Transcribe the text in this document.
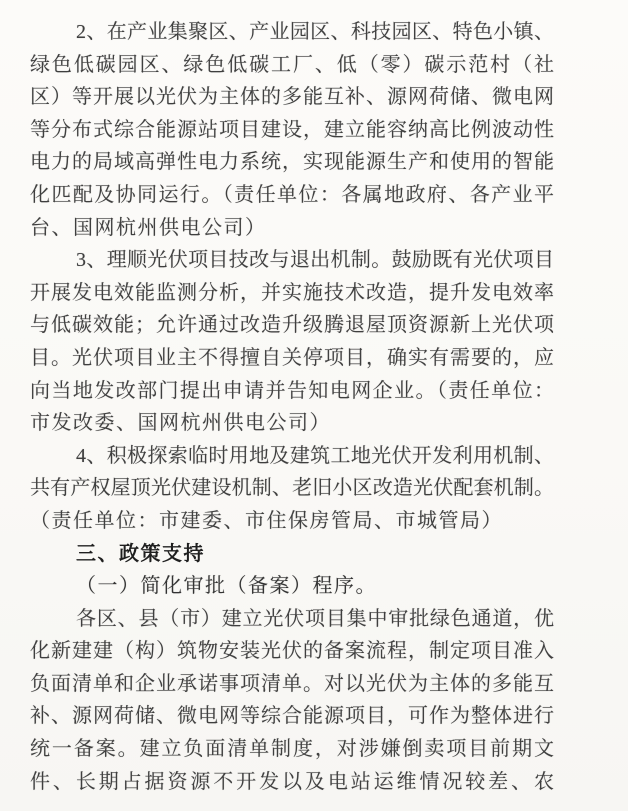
2、在产业集聚区、产业园区、科技园区、特色小镇、
绿色低碳园区、绿色低碳工厂、低（零）碳示范村（社
区）等开展以光伏为主体的多能互补、源网荷储、微电网
等分布式综合能源站项目建设，建立能容纳高比例波动性
电力的局域高弹性电力系统，实现能源生产和使用的智能
化匹配及协同运行。（责任单位：各属地政府、各产业平
台、国网杭州供电公司）
3、理顺光伏项目技改与退出机制。鼓励既有光伏项目
开展发电效能监测分析，并实施技术改造，提升发电效率
与低碳效能；允许通过改造升级腾退屋顶资源新上光伏项
目。光伏项目业主不得擅自关停项目，确实有需要的，应
向当地发改部门提出申请并告知电网企业。（责任单位：
市发改委、国网杭州供电公司）
4、积极探索临时用地及建筑工地光伏开发利用机制、
共有产权屋顶光伏建设机制、老旧小区改造光伏配套机制。
（责任单位：市建委、市住保房管局、市城管局）
三、政策支持
（一）简化审批（备案）程序。
各区、县（市）建立光伏项目集中审批绿色通道，优
化新建建（构）筑物安装光伏的备案流程，制定项目准入
负面清单和企业承诺事项清单。对以光伏为主体的多能互
补、源网荷储、微电网等综合能源项目，可作为整体进行
统一备案。建立负面清单制度，对涉嫌倒卖项目前期文
件、长期占据资源不开发以及电站运维情况较差、农
